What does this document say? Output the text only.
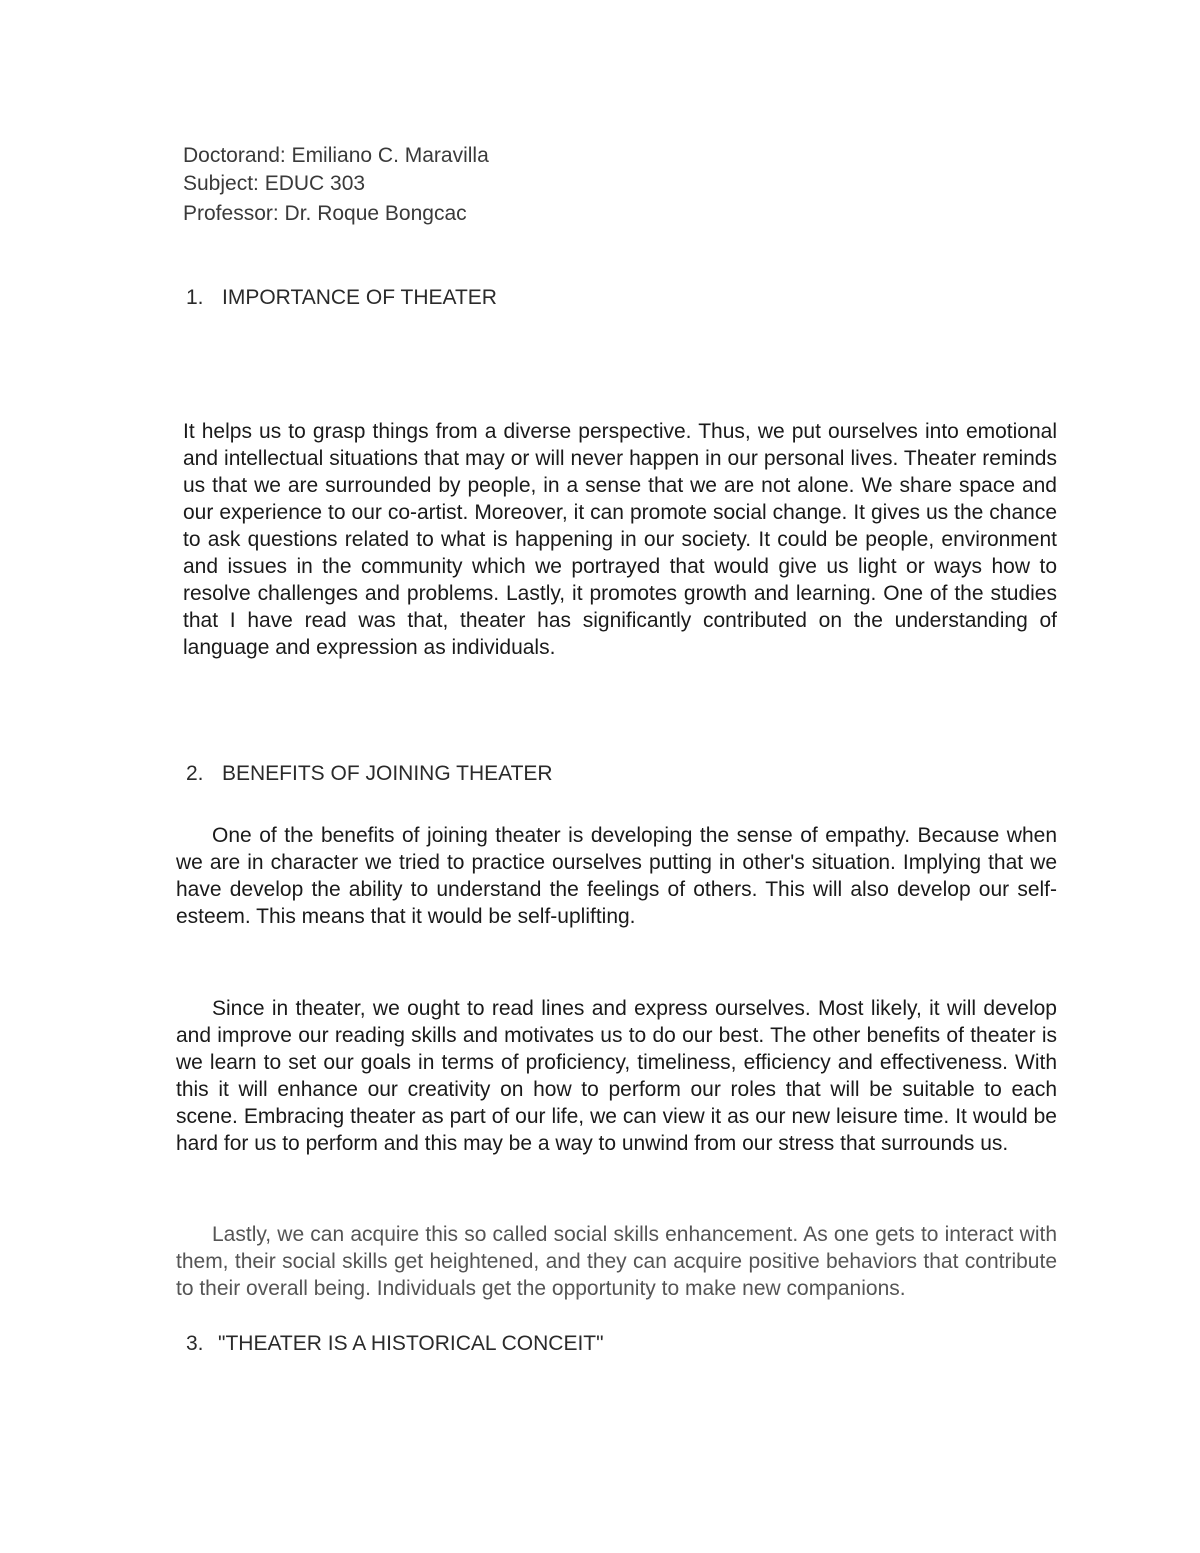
Doctorand: Emiliano C. Maravilla
Subject: EDUC 303
Professor: Dr. Roque Bongcac
1. IMPORTANCE OF THEATER
It helps us to grasp things from a diverse perspective. Thus, we put ourselves into emotional and intellectual situations that may or will never happen in our personal lives. Theater reminds us that we are surrounded by people, in a sense that we are not alone. We share space and our experience to our co-artist. Moreover, it can promote social change. It gives us the chance to ask questions related to what is happening in our society. It could be people, environment and issues in the community which we portrayed that would give us light or ways how to resolve challenges and problems. Lastly, it promotes growth and learning. One of the studies that I have read was that, theater has significantly contributed on the understanding of language and expression as individuals.
2. BENEFITS OF JOINING THEATER
One of the benefits of joining theater is developing the sense of empathy. Because when we are in character we tried to practice ourselves putting in other's situation. Implying that we have develop the ability to understand the feelings of others. This will also develop our self-esteem. This means that it would be self-uplifting.
Since in theater, we ought to read lines and express ourselves. Most likely, it will develop and improve our reading skills and motivates us to do our best. The other benefits of theater is we learn to set our goals in terms of proficiency, timeliness, efficiency and effectiveness. With this it will enhance our creativity on how to perform our roles that will be suitable to each scene. Embracing theater as part of our life, we can view it as our new leisure time. It would be hard for us to perform and this may be a way to unwind from our stress that surrounds us.
Lastly, we can acquire this so called social skills enhancement. As one gets to interact with them, their social skills get heightened, and they can acquire positive behaviors that contribute to their overall being. Individuals get the opportunity to make new companions.
3. "THEATER IS A HISTORICAL CONCEIT"
